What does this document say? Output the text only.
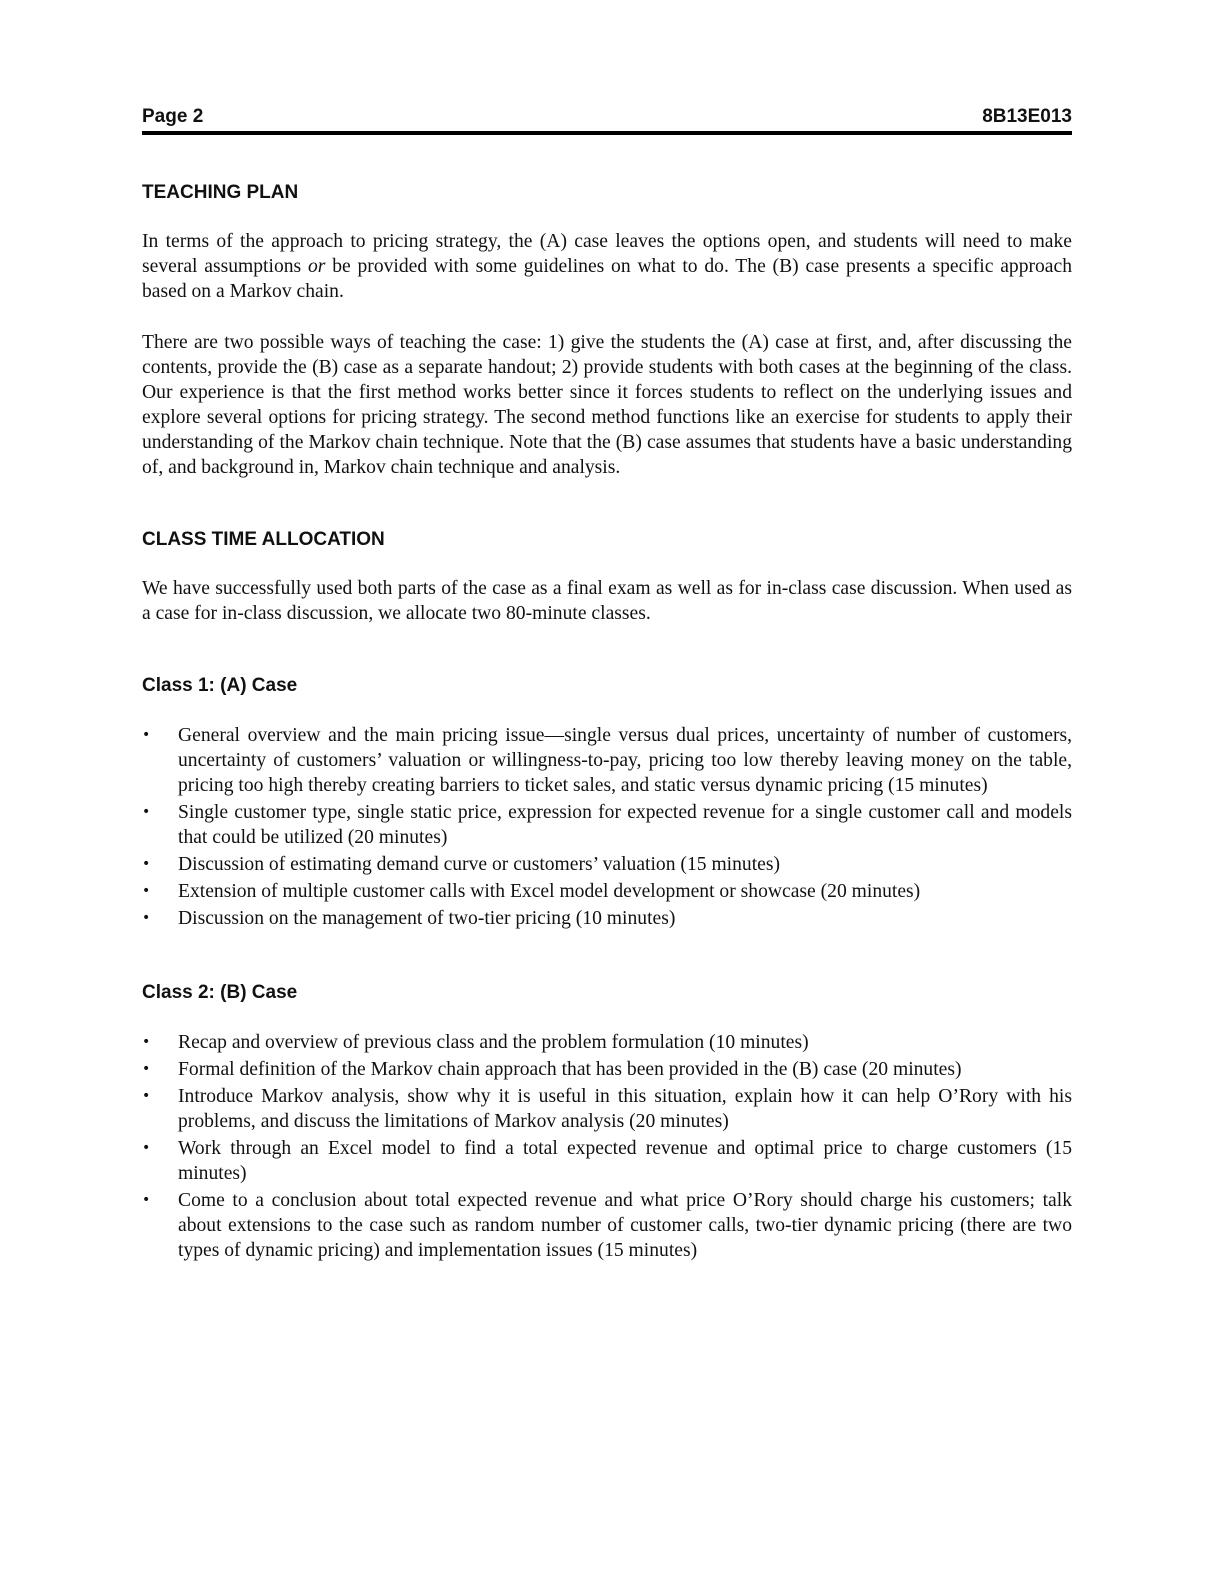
Page 2	8B13E013
TEACHING PLAN

In terms of the approach to pricing strategy, the (A) case leaves the options open, and students will need to make several assumptions or be provided with some guidelines on what to do. The (B) case presents a specific approach based on a Markov chain.

There are two possible ways of teaching the case: 1) give the students the (A) case at first, and, after discussing the contents, provide the (B) case as a separate handout; 2) provide students with both cases at the beginning of the class. Our experience is that the first method works better since it forces students to reflect on the underlying issues and explore several options for pricing strategy. The second method functions like an exercise for students to apply their understanding of the Markov chain technique. Note that the (B) case assumes that students have a basic understanding of, and background in, Markov chain technique and analysis.

CLASS TIME ALLOCATION

We have successfully used both parts of the case as a final exam as well as for in-class case discussion. When used as a case for in-class discussion, we allocate two 80-minute classes.

Class 1: (A) Case
• General overview and the main pricing issue—single versus dual prices, uncertainty of number of customers, uncertainty of customers’ valuation or willingness-to-pay, pricing too low thereby leaving money on the table, pricing too high thereby creating barriers to ticket sales, and static versus dynamic pricing (15 minutes)
• Single customer type, single static price, expression for expected revenue for a single customer call and models that could be utilized (20 minutes)
• Discussion of estimating demand curve or customers’ valuation (15 minutes)
• Extension of multiple customer calls with Excel model development or showcase (20 minutes)
• Discussion on the management of two-tier pricing (10 minutes)
Class 2: (B) Case
• Recap and overview of previous class and the problem formulation (10 minutes)
• Formal definition of the Markov chain approach that has been provided in the (B) case (20 minutes)
• Introduce Markov analysis, show why it is useful in this situation, explain how it can help O’Rory with his problems, and discuss the limitations of Markov analysis (20 minutes)
• Work through an Excel model to find a total expected revenue and optimal price to charge customers (15 minutes)
• Come to a conclusion about total expected revenue and what price O’Rory should charge his customers; talk about extensions to the case such as random number of customer calls, two-tier dynamic pricing (there are two types of dynamic pricing) and implementation issues (15 minutes)
